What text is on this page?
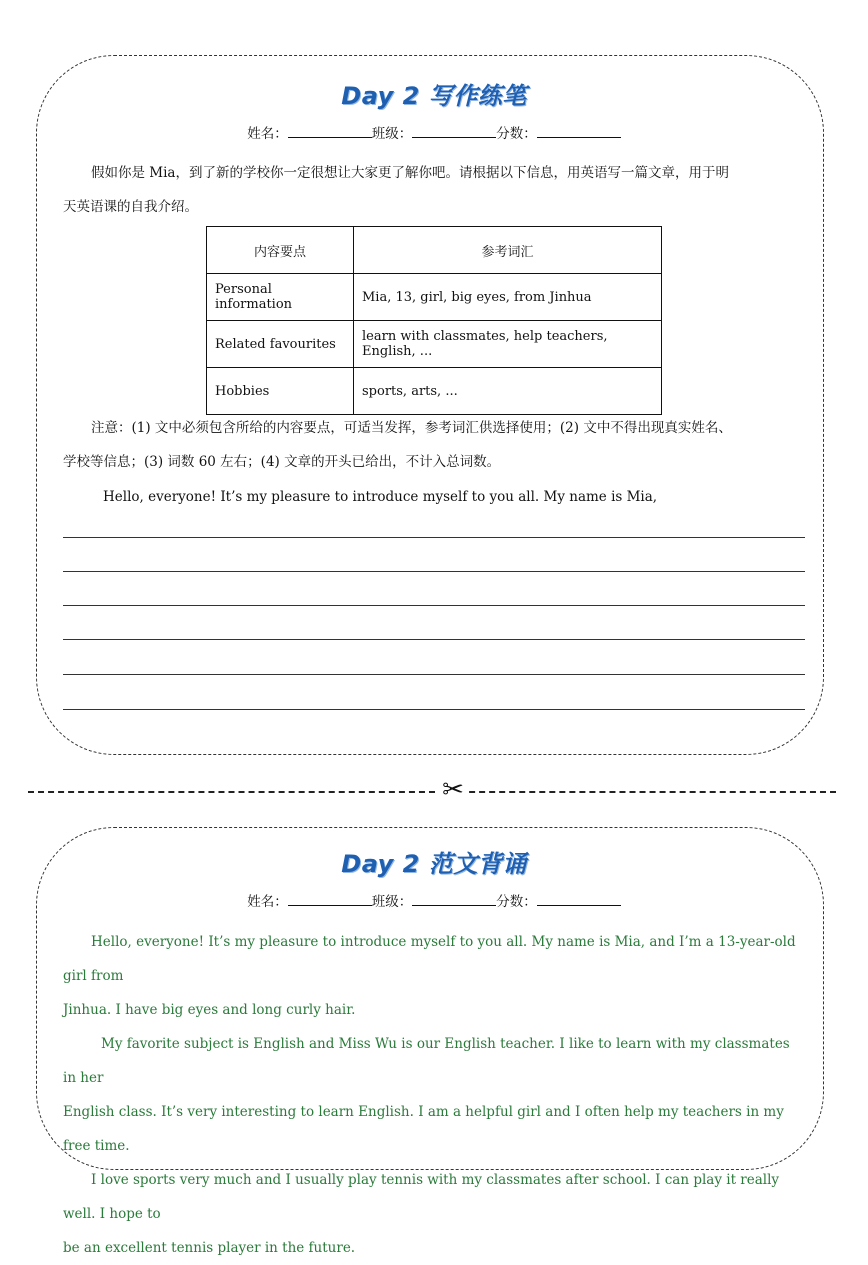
Day 2 写作练笔
姓名：	班级：	分数：
假如你是 Mia，到了新的学校你一定很想让大家更了解你吧。请根据以下信息，用英语写一篇文章，用于明
天英语课的自我介绍。
内容要点	参考词汇
Personal information	Mia, 13, girl, big eyes, from Jinhua
Related favourites	learn with classmates, help teachers, English, ...
Hobbies	sports, arts, ...
注意：(1) 文中必须包含所给的内容要点，可适当发挥，参考词汇供选择使用；(2) 文中不得出现真实姓名、
学校等信息；(3) 词数 60 左右；(4) 文章的开头已给出，不计入总词数。
Hello, everyone! It’s my pleasure to introduce myself to you all. My name is Mia,
✂
Day 2 范文背诵
姓名：	班级：	分数：
Hello, everyone! It’s my pleasure to introduce myself to you all. My name is Mia, and I’m a 13-year-old girl from
Jinhua. I have big eyes and long curly hair.
My favorite subject is English and Miss Wu is our English teacher. I like to learn with my classmates in her
English class. It’s very interesting to learn English. I am a helpful girl and I often help my teachers in my free time.
I love sports very much and I usually play tennis with my classmates after school. I can play it really well. I hope to
be an excellent tennis player in the future.
